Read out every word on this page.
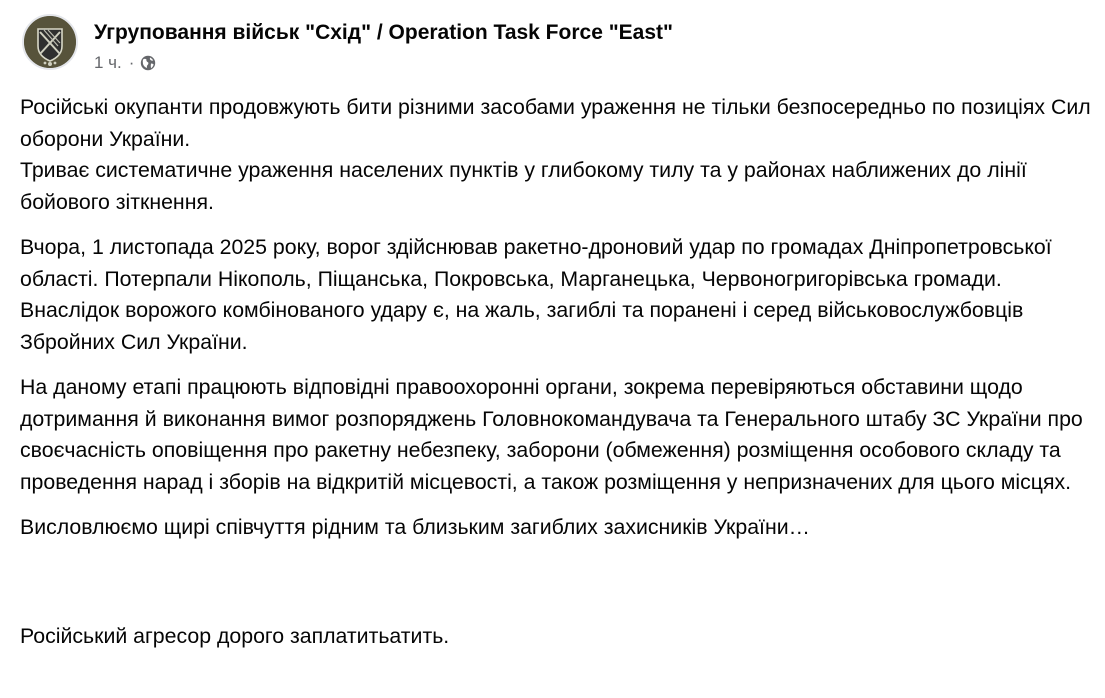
Угруповання військ "Схід" / Operation Task Force "East"
1 ч. ·

Російські окупанти продовжують бити різними засобами ураження не тільки безпосередньо по позиціях Сил оборони України.
Триває систематичне ураження населених пунктів у глибокому тилу та у районах наближених до лінії бойового зіткнення.

Вчора, 1 листопада 2025 року, ворог здійснював ракетно-дроновий удар по громадах Дніпропетровської області. Потерпали Нікополь, Піщанська, Покровська, Марганецька, Червоногригорівська громади.
Внаслідок ворожого комбінованого удару є, на жаль, загиблі та поранені і серед військовослужбовців Збройних Сил України.

На даному етапі працюють відповідні правоохоронні органи, зокрема перевіряються обставини щодо дотримання й виконання вимог розпоряджень Головнокомандувача та Генерального штабу ЗС України про своєчасність оповіщення про ракетну небезпеку, заборони (обмеження) розміщення особового складу та проведення нарад і зборів на відкритій місцевості, а також розміщення у непризначених для цього місцях.

Висловлюємо щирі співчуття рідним та близьким загиблих захисників України…

Російський агресор дорого заплатитьатить.
